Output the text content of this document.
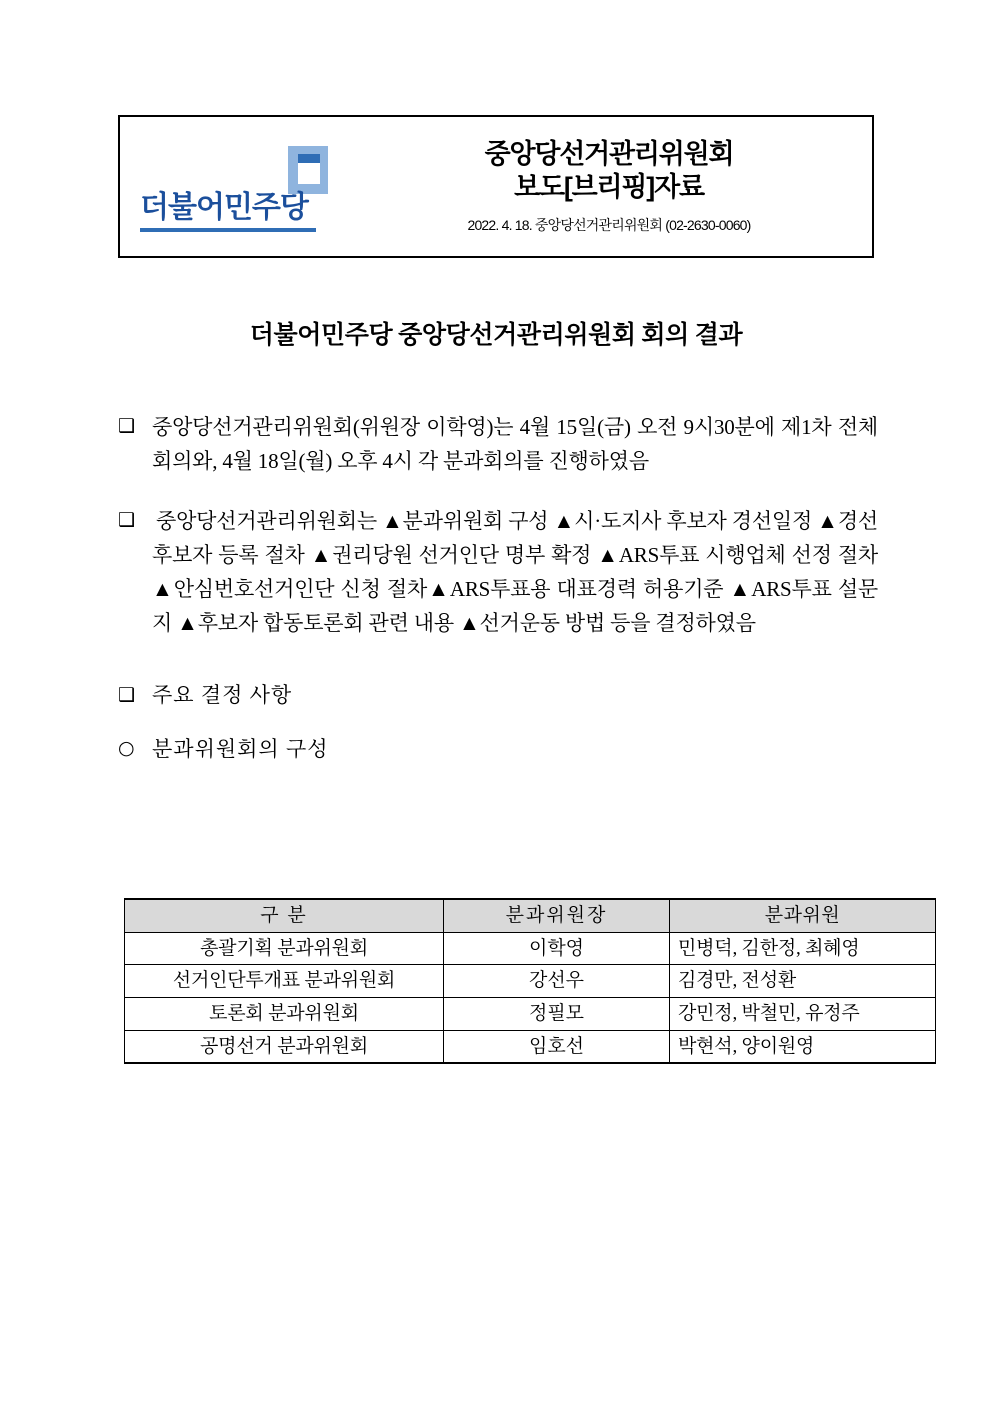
더불어민주당
중앙당선거관리위원회
보도[브리핑]자료
2022. 4. 18. 중앙당선거관리위원회 (02-2630-0060)
더불어민주당 중앙당선거관리위원회 회의 결과
❑ 중앙당선거관리위원회(위원장 이학영)는 4월 15일(금) 오전 9시30분에 제1차 전체회의와, 4월 18일(월) 오후 4시 각 분과회의를 진행하였음
❑ 중앙당선거관리위원회는 ▲분과위원회 구성 ▲시·도지사 후보자 경선일정 ▲경선후보자 등록 절차 ▲권리당원 선거인단 명부 확정 ▲ARS투표 시행업체 선정 절차 ▲안심번호선거인단 신청 절차▲ARS투표용 대표경력 허용기준 ▲ARS투표 설문지 ▲후보자 합동토론회 관련 내용 ▲선거운동 방법 등을 결정하였음
❑ 주요 결정 사항
○ 분과위원회의 구성
구 분	분과위원장	분과위원
총괄기획 분과위원회	이학영	민병덕, 김한정, 최혜영
선거인단투개표 분과위원회	강선우	김경만, 전성환
토론회 분과위원회	정필모	강민정, 박철민, 유정주
공명선거 분과위원회	임호선	박현석, 양이원영
